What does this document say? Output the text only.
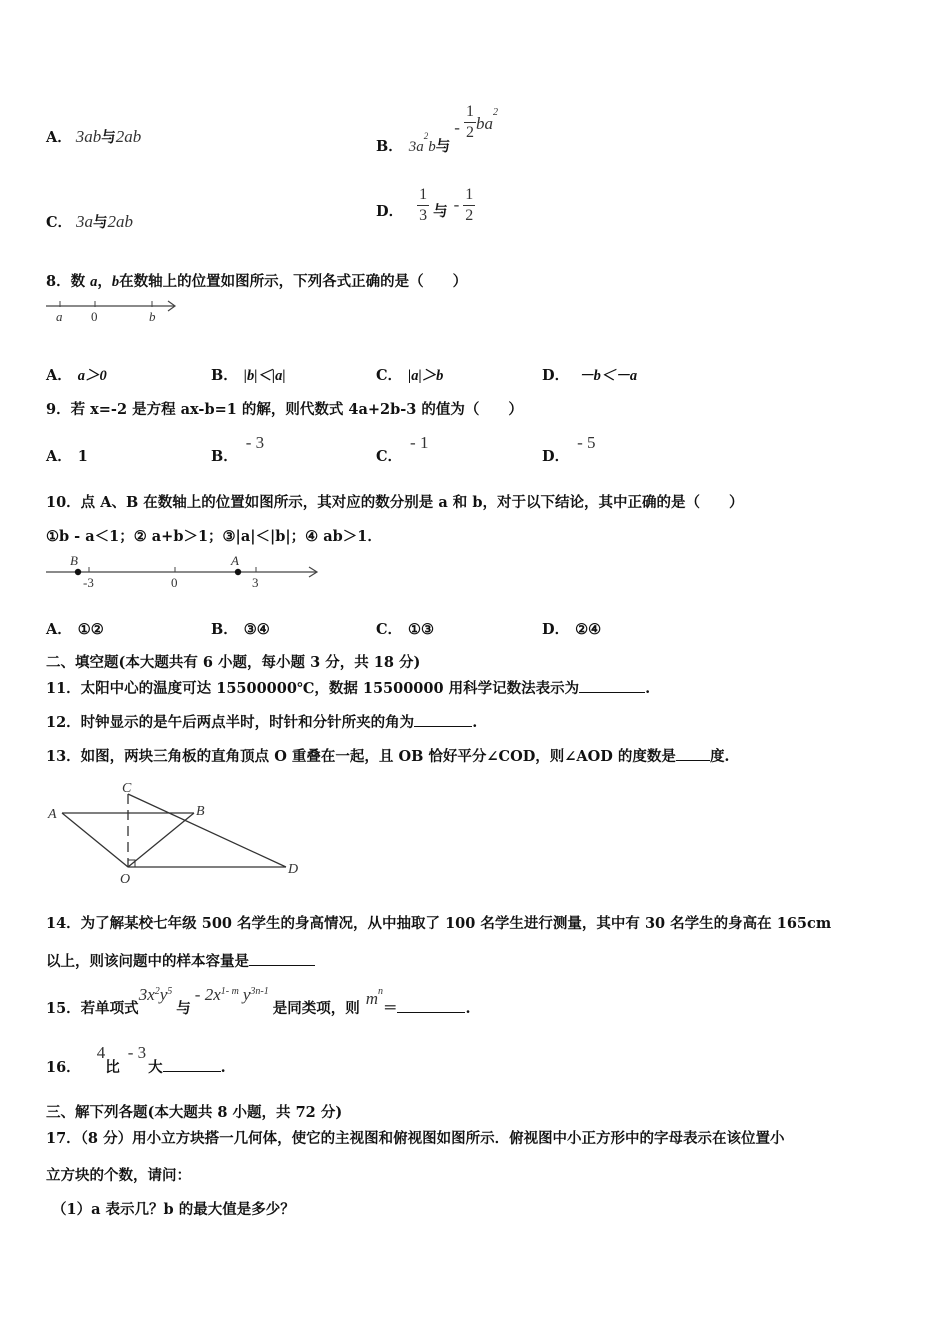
A． 3ab与2ab	B． $3a^2b$与- $\frac{1}{2} ba^2$
C． 3a与2ab
D． $\frac{1}{3}$ 与 - $\frac{1}{2}$
8．数 a，b在数轴上的位置如图所示，下列各式正确的是（　　）
a 0	b
A． a＞0	B． |b|＜|a|	C． |a|＞b	D． －b＜－a
9．若 x=-2 是方程 ax-b=1 的解，则代数式 4a+2b-3 的值为（　　）
A． 1	B．- 3
C．- 1
D．- 5
10．点 A、B 在数轴上的位置如图所示，其对应的数分别是 a 和 b，对于以下结论，其中正确的是（　　）
①b - a＜1；② a+b＞1；③|a|＜|b|；④ ab＞1．
B	A
-3	0	3
A． ①②	B． ③④	C． ①③	D． ②④
二、填空题(本大题共有 6 小题，每小题 3 分，共 18 分)
11．太阳中心的温度可达 15500000℃，数据 15500000 用科学记数法表示为	.
12．时钟显示的是午后两点半时，时针和分针所夹的角为	.
13．如图，两块三角板的直角顶点 O 重叠在一起，且 OB 恰好平分∠COD，则∠AOD 的度数是 度.
A	B
C
D
O
14．为了解某校七年级 500 名学生的身高情况，从中抽取了 100 名学生进行测量，其中有 30 名学生的身高在 165cm
以上，则该问题中的样本容量是
15．若单项式$3x^2y^5$与- $2x^{1- m}$ $y^{3n-1}$是同类项，则$m^n=$	.
16．4比- 3大	.
三、解下列各题(本大题共 8 小题，共 72 分)
17．（8 分）用小立方块搭一几何体，使它的主视图和俯视图如图所示．俯视图中小正方形中的字母表示在该位置小
立方块的个数，请问：
（1）a 表示几？b 的最大值是多少？
